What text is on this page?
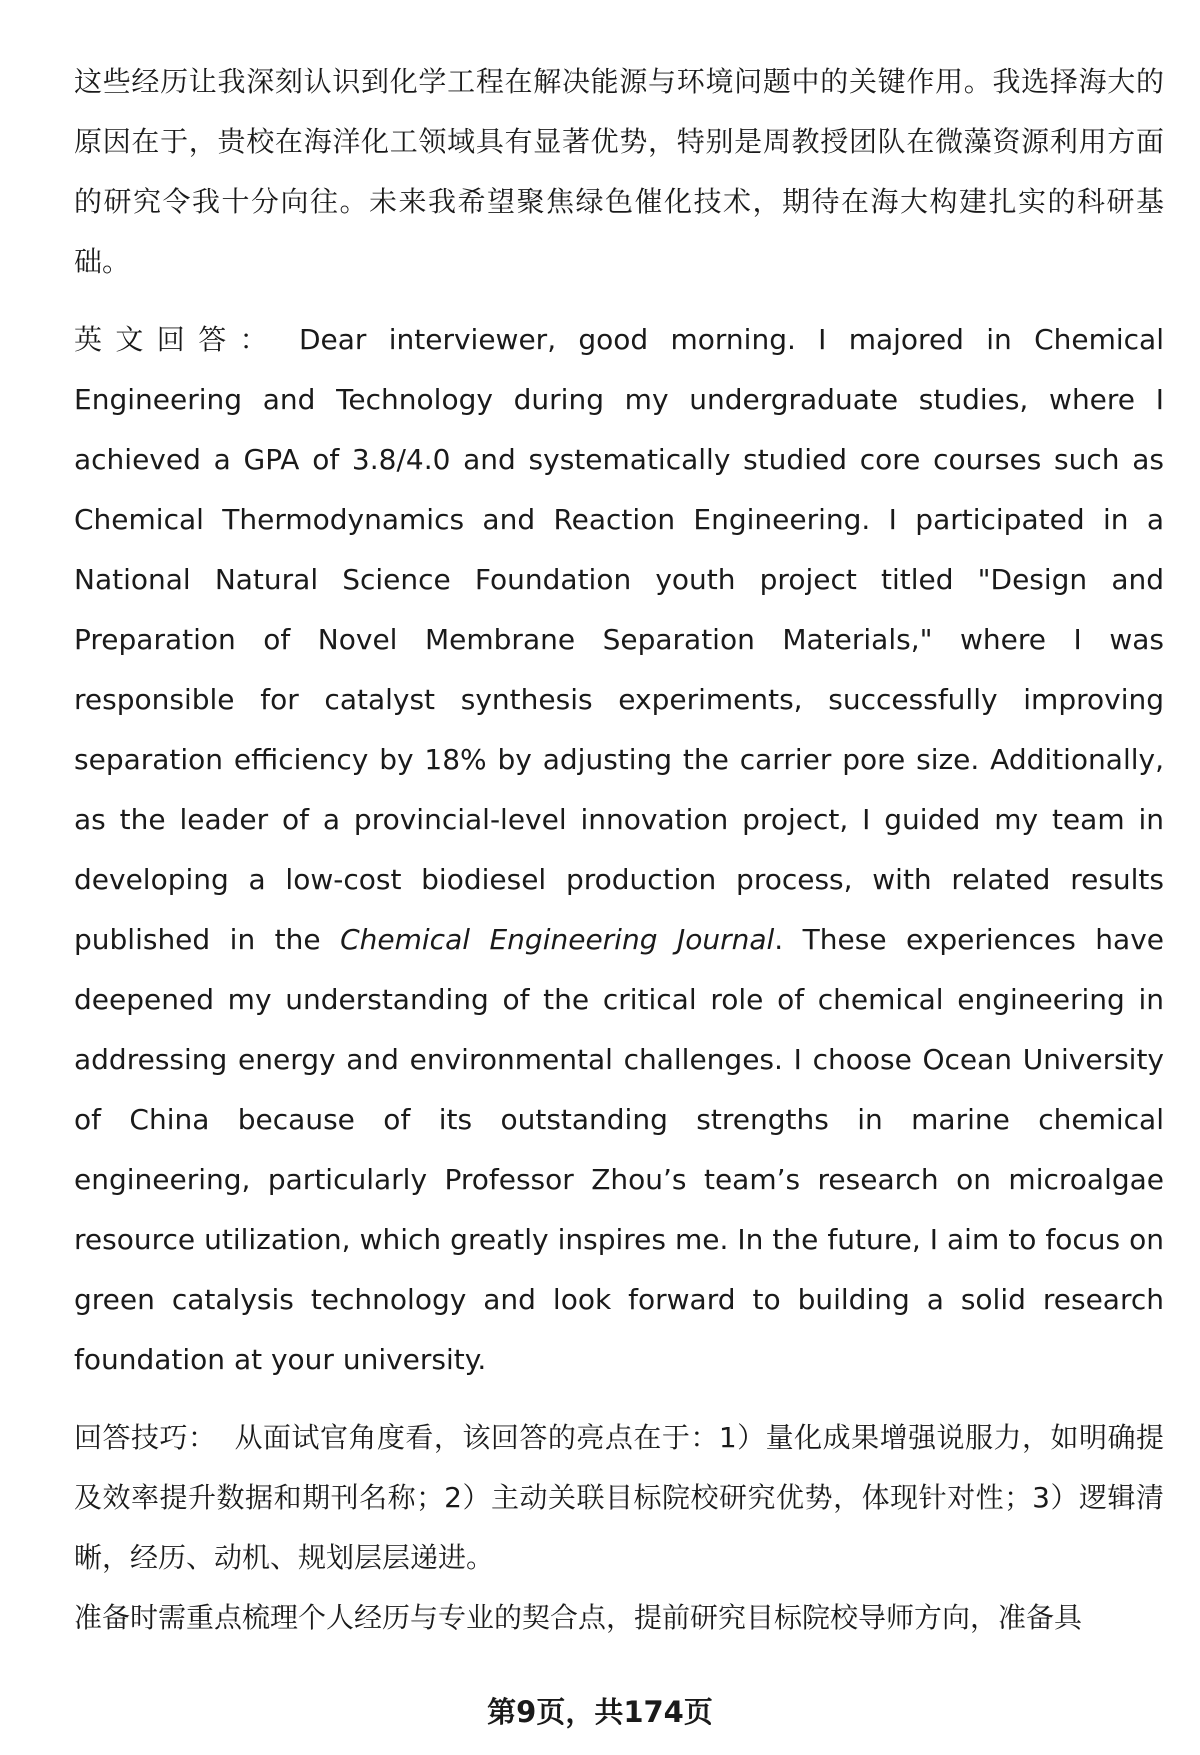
这些经历让我深刻认识到化学工程在解决能源与环境问题中的关键作用。我选择海大的原因在于，贵校在海洋化工领域具有显著优势，特别是周教授团队在微藻资源利用方面的研究令我十分向往。未来我希望聚焦绿色催化技术，期待在海大构建扎实的科研基础。

英文回答： Dear interviewer, good morning. I majored in Chemical Engineering and Technology during my undergraduate studies, where I achieved a GPA of 3.8/4.0 and systematically studied core courses such as Chemical Thermodynamics and Reaction Engineering. I participated in a National Natural Science Foundation youth project titled "Design and Preparation of Novel Membrane Separation Materials," where I was responsible for catalyst synthesis experiments, successfully improving separation efficiency by 18% by adjusting the carrier pore size. Additionally, as the leader of a provincial-level innovation project, I guided my team in developing a low-cost biodiesel production process, with related results published in the Chemical Engineering Journal. These experiences have deepened my understanding of the critical role of chemical engineering in addressing energy and environmental challenges. I choose Ocean University of China because of its outstanding strengths in marine chemical engineering, particularly Professor Zhou’s team’s research on microalgae resource utilization, which greatly inspires me. In the future, I aim to focus on green catalysis technology and look forward to building a solid research foundation at your university.

回答技巧： 从面试官角度看，该回答的亮点在于：1）量化成果增强说服力，如明确提及效率提升数据和期刊名称；2）主动关联目标院校研究优势，体现针对性；3）逻辑清晰，经历、动机、规划层层递进。

准备时需重点梳理个人经历与专业的契合点，提前研究目标院校导师方向，准备具

第9页，共174页
